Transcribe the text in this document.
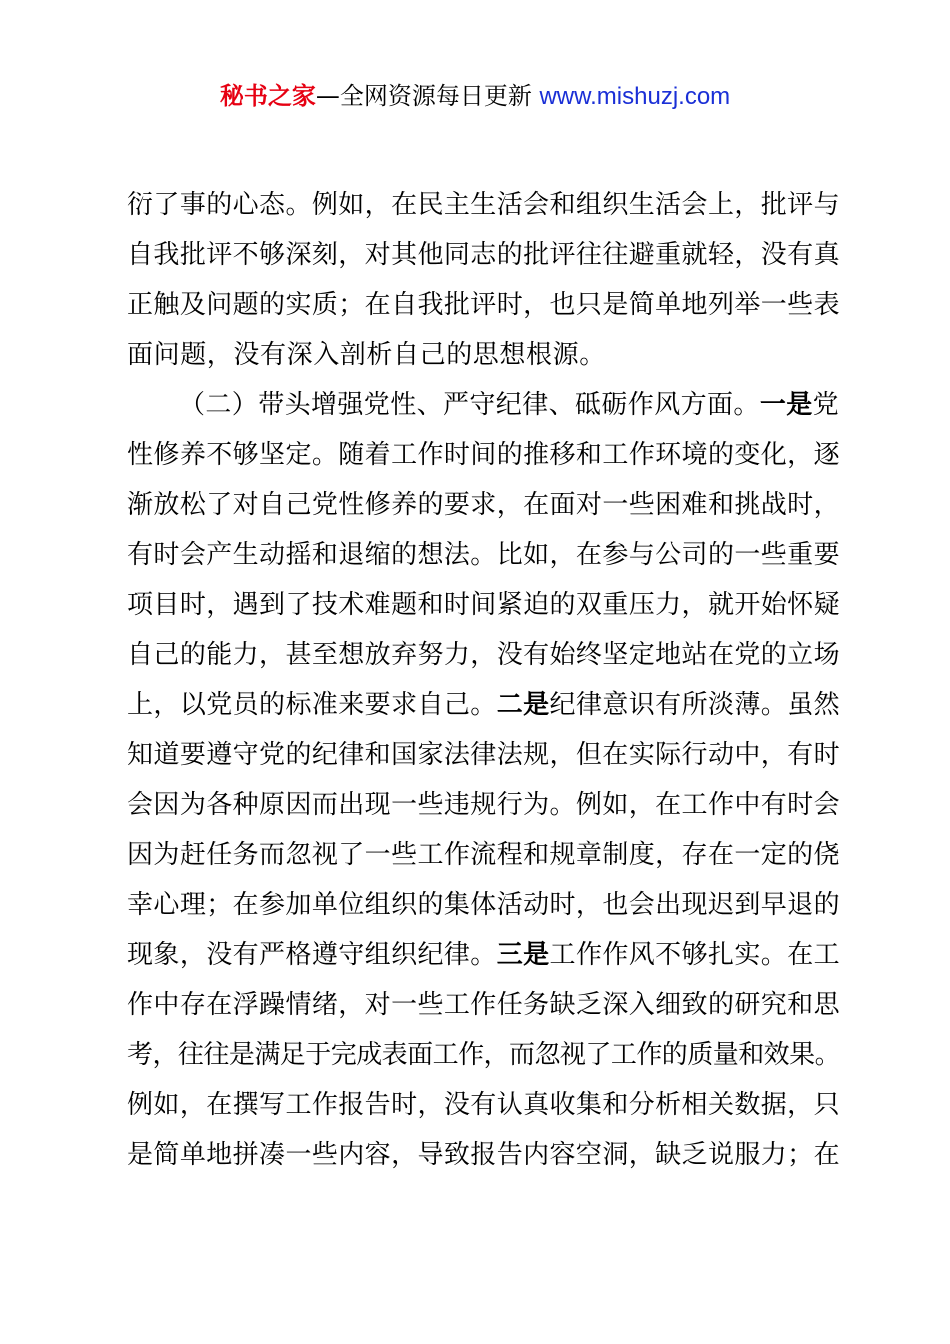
秘书之家—全网资源每日更新 www.mishuzj.com
衍了事的心态。例如，在民主生活会和组织生活会上，批评与
自我批评不够深刻，对其他同志的批评往往避重就轻，没有真
正触及问题的实质；在自我批评时，也只是简单地列举一些表
面问题，没有深入剖析自己的思想根源。
（二）带头增强党性、严守纪律、砥砺作风方面。一是党
性修养不够坚定。随着工作时间的推移和工作环境的变化，逐
渐放松了对自己党性修养的要求，在面对一些困难和挑战时，
有时会产生动摇和退缩的想法。比如，在参与公司的一些重要
项目时，遇到了技术难题和时间紧迫的双重压力，就开始怀疑
自己的能力，甚至想放弃努力，没有始终坚定地站在党的立场
上，以党员的标准来要求自己。二是纪律意识有所淡薄。虽然
知道要遵守党的纪律和国家法律法规，但在实际行动中，有时
会因为各种原因而出现一些违规行为。例如，在工作中有时会
因为赶任务而忽视了一些工作流程和规章制度，存在一定的侥
幸心理；在参加单位组织的集体活动时，也会出现迟到早退的
现象，没有严格遵守组织纪律。三是工作作风不够扎实。在工
作中存在浮躁情绪，对一些工作任务缺乏深入细致的研究和思
考，往往是满足于完成表面工作，而忽视了工作的质量和效果。
例如，在撰写工作报告时，没有认真收集和分析相关数据，只
是简单地拼凑一些内容，导致报告内容空洞，缺乏说服力；在
